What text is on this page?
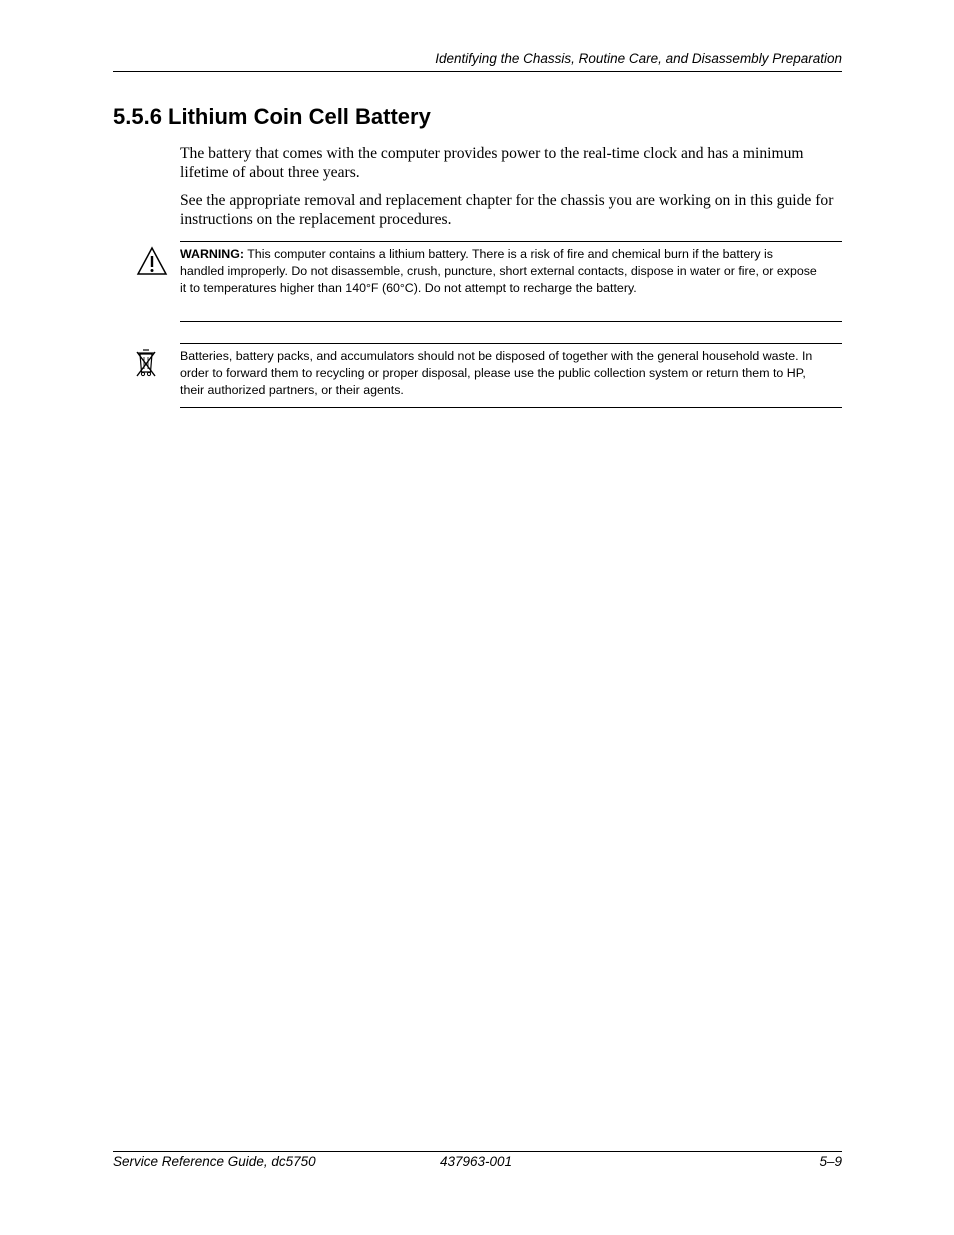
Identifying the Chassis, Routine Care, and Disassembly Preparation
5.5.6 Lithium Coin Cell Battery

The battery that comes with the computer provides power to the real-time clock and has a minimum lifetime of about three years.

See the appropriate removal and replacement chapter for the chassis you are working on in this guide for instructions on the replacement procedures.

WARNING: This computer contains a lithium battery. There is a risk of fire and chemical burn if the battery is handled improperly. Do not disassemble, crush, puncture, short external contacts, dispose in water or fire, or expose it to temperatures higher than 140°F (60°C). Do not attempt to recharge the battery.

Batteries, battery packs, and accumulators should not be disposed of together with the general household waste. In order to forward them to recycling or proper disposal, please use the public collection system or return them to HP, their authorized partners, or their agents.

Service Reference Guide, dc5750	437963-001	5–9
